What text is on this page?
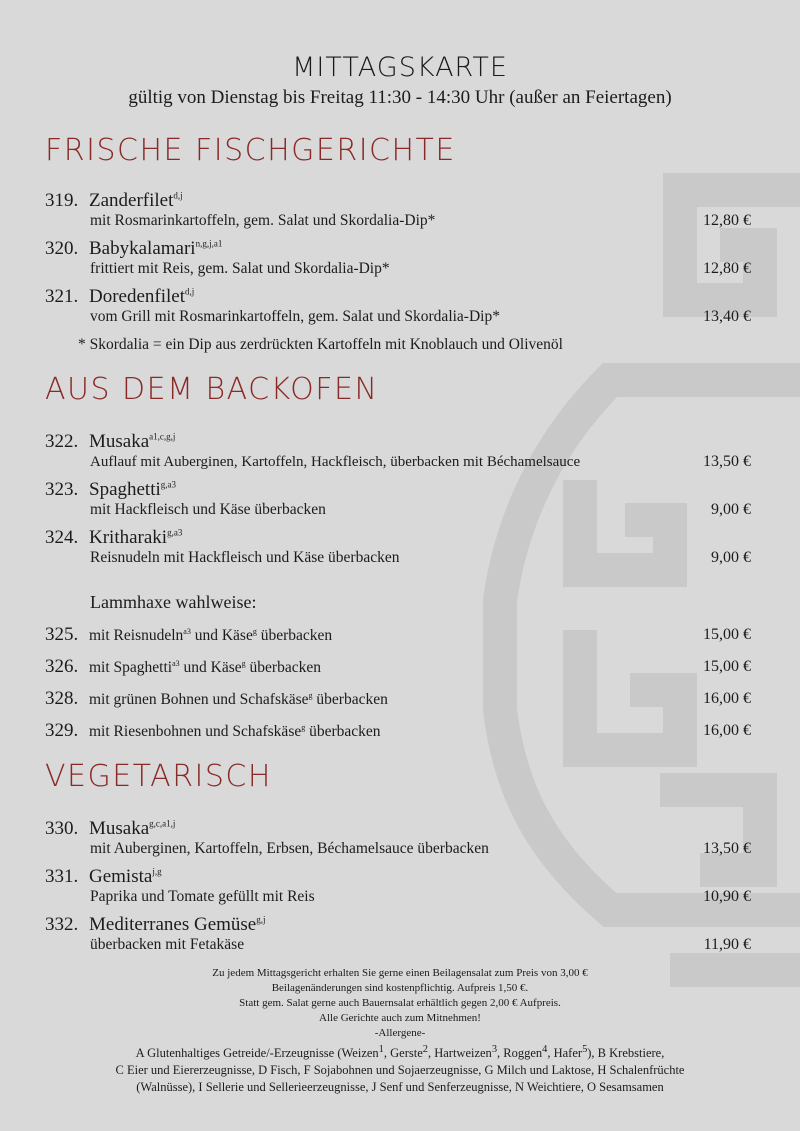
MITTAGSKARTE
gültig von Dienstag bis Freitag 11:30 - 14:30 Uhr (außer an Feiertagen)
FRISCHE FISCHGERICHTE
319. Zanderfilet$^{d,j}$
mit Rosmarinkartoffeln, gem. Salat und Skordalia-Dip*	12,80 €
320. Babykalamari$^{n,g,j,a1}$
frittiert mit Reis, gem. Salat und Skordalia-Dip*	12,80 €
321. Doredenfilet$^{d,j}$
vom Grill mit Rosmarinkartoffeln, gem. Salat und Skordalia-Dip*	13,40 €
* Skordalia = ein Dip aus zerdrückten Kartoffeln mit Knoblauch und Olivenöl
AUS DEM BACKOFEN
322. Musaka$^{a1,c,g,j}$
Auflauf mit Auberginen, Kartoffeln, Hackfleisch, überbacken mit Béchamelsauce	13,50 €
323. Spaghetti$^{g,a3}$
mit Hackfleisch und Käse überbacken	9,00 €
324. Kritharaki$^{g,a3}$
Reisnudeln mit Hackfleisch und Käse überbacken	9,00 €
Lammhaxe wahlweise:
325. mit Reisnudeln$^{a3}$ und Käse$^g$ überbacken	15,00 €
326. mit Spaghetti$^{a3}$ und Käse$^g$ überbacken	15,00 €
328. mit grünen Bohnen und Schafskäse$^g$ überbacken	16,00 €
329. mit Riesenbohnen und Schafskäse$^g$ überbacken	16,00 €
VEGETARISCH
330. Musaka$^{g,c,a1,j}$
mit Auberginen, Kartoffeln, Erbsen, Béchamelsauce überbacken	13,50 €
331. Gemista$^{j,g}$
Paprika und Tomate gefüllt mit Reis	10,90 €
332. Mediterranes Gemüse$^{g,j}$
überbacken mit Fetakäse	11,90 €
Zu jedem Mittagsgericht erhalten Sie gerne einen Beilagensalat zum Preis von 3,00 €
Beilagenänderungen sind kostenpflichtig. Aufpreis 1,50 €.
Statt gem. Salat gerne auch Bauernsalat erhältlich gegen 2,00 € Aufpreis.
Alle Gerichte auch zum Mitnehmen!
-Allergene-
A Glutenhaltiges Getreide/-Erzeugnisse (Weizen$^1$, Gerste$^2$, Hartweizen$^3$, Roggen$^4$, Hafer$^5$), B Krebstiere,
C Eier und Eiererzeugnisse, D Fisch, F Sojabohnen und Sojaerzeugnisse, G Milch und Laktose, H Schalenfrüchte
(Walnüsse), I Sellerie und Sellerieerzeugnisse, J Senf und Senferzeugnisse, N Weichtiere, O Sesamsamen
